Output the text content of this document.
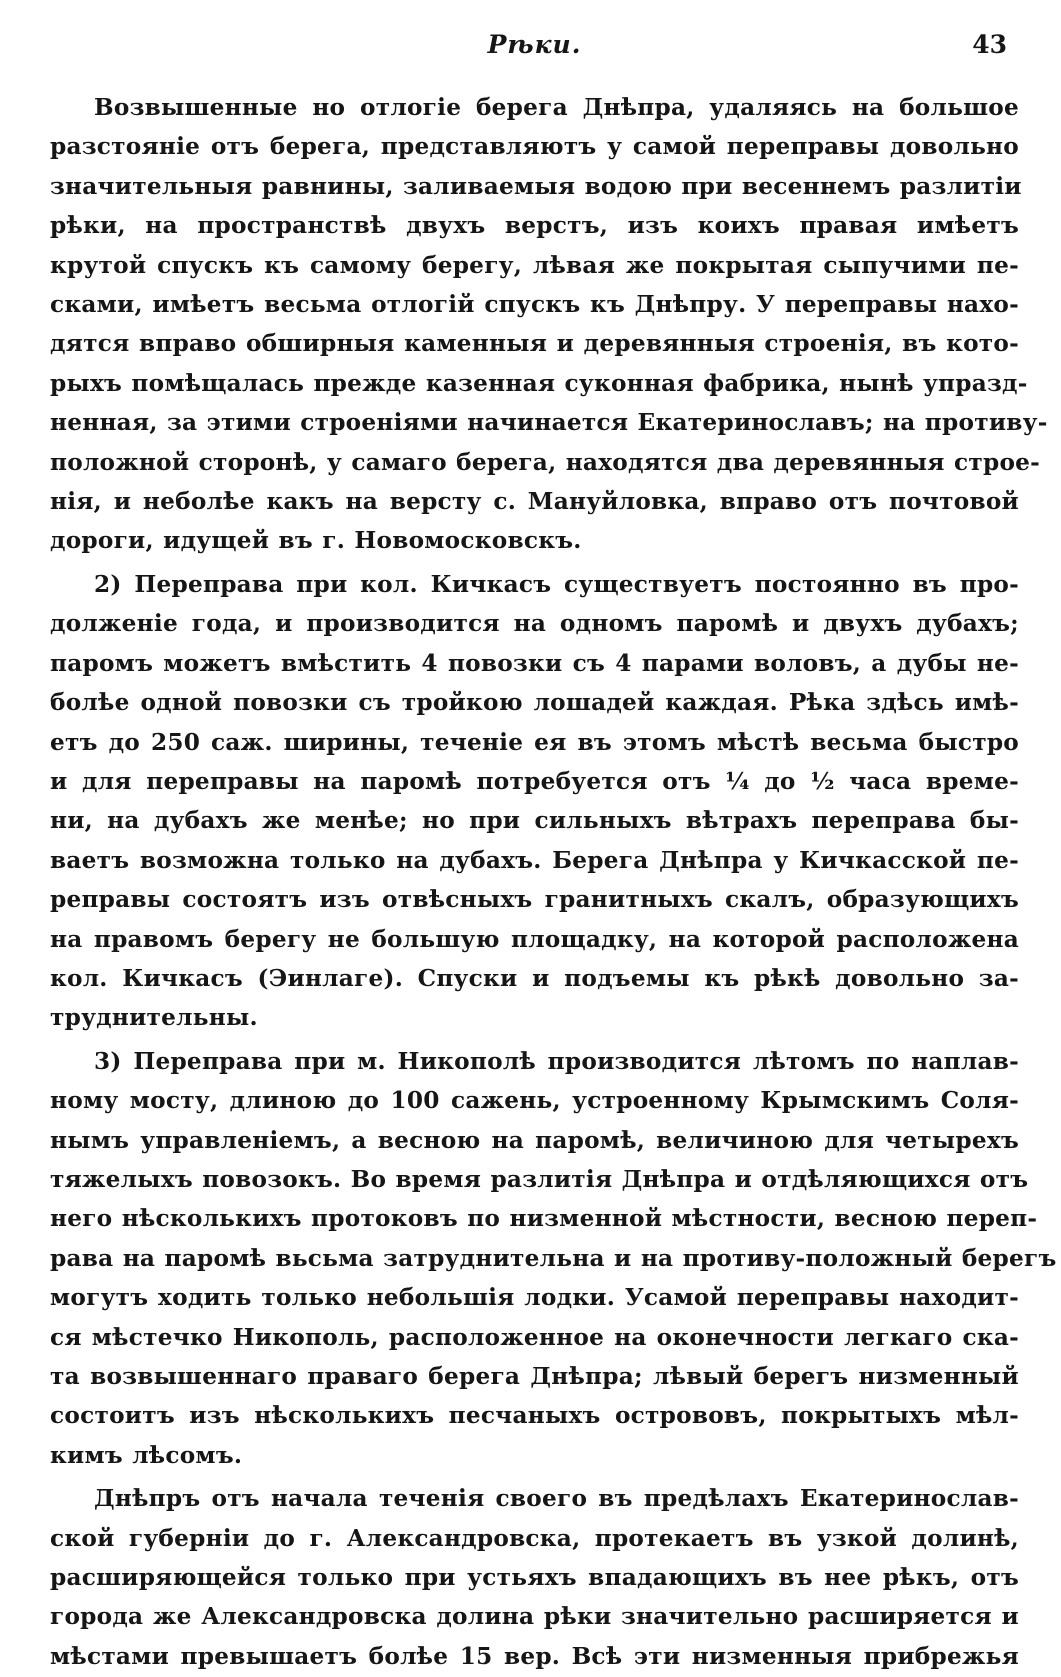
Рѣки.	43
Возвышенные но отлогіе берега Днѣпра, удаляясь на большое
разстояніе отъ берега, представляютъ у самой переправы довольно
значительныя равнины, заливаемыя водою при весеннемъ разлитіи
рѣки, на пространствѣ двухъ верстъ, изъ коихъ правая имѣетъ
крутой спускъ къ самому берегу, лѣвая же покрытая сыпучими пе-
сками, имѣетъ весьма отлогій спускъ къ Днѣпру. У переправы нахо-
дятся вправо обширныя каменныя и деревянныя строенія, въ кото-
рыхъ помѣщалась прежде казенная суконная фабрика, нынѣ упразд-
ненная, за этими строеніями начинается Екатеринославъ; на противу-
положной сторонѣ, у самаго берега, находятся два деревянныя строе-
нія, и неболѣе какъ на версту с. Мануйловка, вправо отъ почтовой
дороги, идущей въ г. Новомосковскъ.
2) Переправа при кол. Кичкасъ существуетъ постоянно въ про-
долженіе года, и производится на одномъ паромѣ и двухъ дубахъ;
паромъ можетъ вмѣстить 4 повозки съ 4 парами воловъ, а дубы не-
болѣе одной повозки съ тройкою лошадей каждая. Рѣка здѣсь имѣ-
етъ до 250 саж. ширины, теченіе ея въ этомъ мѣстѣ весьма быстро
и для переправы на паромѣ потребуется отъ ¼ до ½ часа време-
ни, на дубахъ же менѣе; но при сильныхъ вѣтрахъ переправа бы-
ваетъ возможна только на дубахъ. Берега Днѣпра у Кичкасской пе-
реправы состоятъ изъ отвѣсныхъ гранитныхъ скалъ, образующихъ
на правомъ берегу не большую площадку, на которой расположена
кол. Кичкасъ (Эинлаге). Спуски и подъемы къ рѣкѣ довольно за-
труднительны.
3) Переправа при м. Никополѣ производится лѣтомъ по наплав-
ному мосту, длиною до 100 сажень, устроенному Крымскимъ Соля-
нымъ управленіемъ, а весною на паромѣ, величиною для четырехъ
тяжелыхъ повозокъ. Во время разлитія Днѣпра и отдѣляющихся отъ
него нѣсколькихъ протоковъ по низменной мѣстности, весною переп-
рава на паромѣ вьсьма затруднительна и на противу-положный берегъ
могутъ ходить только небольшія лодки. Усамой переправы находит-
ся мѣстечко Никополь, расположенное на оконечности легкаго ска-
та возвышеннаго праваго берега Днѣпра; лѣвый берегъ низменный
состоитъ изъ нѣсколькихъ песчаныхъ острововъ, покрытыхъ мѣл-
кимъ лѣсомъ.
Днѣпръ отъ начала теченія своего въ предѣлахъ Екатеринослав-
ской губерніи до г. Александровска, протекаетъ въ узкой долинѣ,
расширяющейся только при устьяхъ впадающихъ въ нее рѣкъ, отъ
города же Александровска долина рѣки значительно расширяется и
мѣстами превышаетъ болѣе 15 вер. Всѣ эти низменныя прибрежья
